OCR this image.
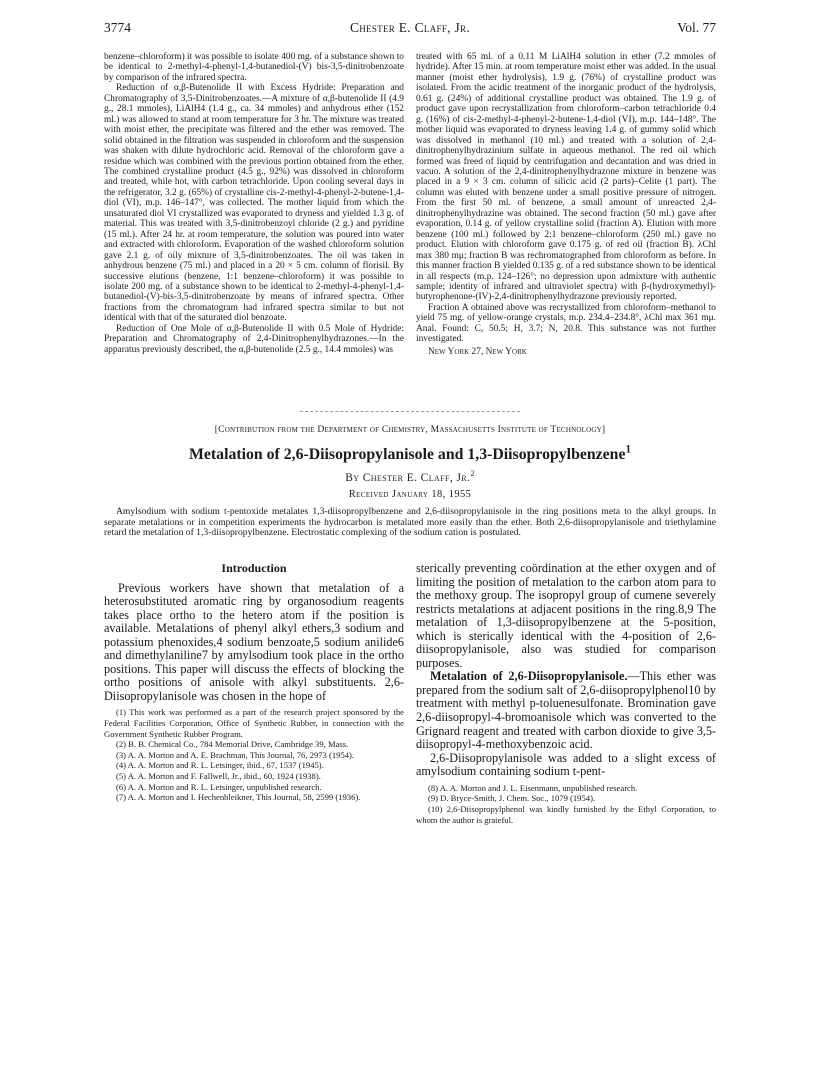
3774	Chester E. Claff, Jr.	Vol. 77

benzene–chloroform) it was possible to isolate 400 mg. of a substance shown to be identical to 2-methyl-4-phenyl-1,4-butanediol-(V) bis-3,5-dinitrobenzoate by comparison of the infrared spectra.

Reduction of α,β-Butenolide II with Excess Hydride: Preparation and Chromatography of 3,5-Dinitrobenzoates.—A mixture of α,β-butenolide II (4.9 g., 28.1 mmoles), LiAlH4 (1.4 g., ca. 34 mmoles) and anhydrous ether (152 ml.) was allowed to stand at room temperature for 3 hr. The mixture was treated with moist ether, the precipitate was filtered and the ether was removed. The solid obtained in the filtration was suspended in chloroform and the suspension was shaken with dilute hydrochloric acid. Removal of the chloroform gave a residue which was combined with the previous portion obtained from the ether. The combined crystalline product (4.5 g., 92%) was dissolved in chloroform and treated, while hot, with carbon tetrachloride. Upon cooling several days in the refrigerator, 3.2 g. (65%) of crystalline cis-2-methyl-4-phenyl-2-butene-1,4-diol (VI), m.p. 146–147°, was collected. The mother liquid from which the unsaturated diol VI crystallized was evaporated to dryness and yielded 1.3 g. of material. This was treated with 3,5-dinitrobenzoyl chloride (2 g.) and pyridine (15 ml.). After 24 hr. at room temperature, the solution was poured into water and extracted with chloroform. Evaporation of the washed chloroform solution gave 2.1 g. of oily mixture of 3,5-dinitrobenzoates. The oil was taken in anhydrous benzene (75 ml.) and placed in a 20 × 5 cm. column of florisil. By successive elutions (benzene, 1:1 benzene–chloroform) it was possible to isolate 200 mg. of a substance shown to be identical to 2-methyl-4-phenyl-1,4-butanediol-(V)-bis-3,5-dinitrobenzoate by means of infrared spectra. Other fractions from the chromatogram had infrared spectra similar to but not identical with that of the saturated diol benzoate.

Reduction of One Mole of α,β-Butenolide II with 0.5 Mole of Hydride: Preparation and Chromatography of 2,4-Dinitrophenylhydrazones.—In the apparatus previously described, the α,β-butenolide (2.5 g., 14.4 mmoles) was

treated with 65 ml. of a 0.11 M LiAlH4 solution in ether (7.2 mmoles of hydride). After 15 min. at room temperature moist ether was added. In the usual manner (moist ether hydrolysis), 1.9 g. (76%) of crystalline product was isolated. From the acidic treatment of the inorganic product of the hydrolysis, 0.61 g. (24%) of additional crystalline product was obtained. The 1.9 g. of product gave upon recrystallization from chloroform–carbon tetrachloride 0.4 g. (16%) of cis-2-methyl-4-phenyl-2-butene-1,4-diol (VI), m.p. 144–148°. The mother liquid was evaporated to dryness leaving 1.4 g. of gummy solid which was dissolved in methanol (10 ml.) and treated with a solution of 2,4-dinitrophenylhydrazinium sulfate in aqueous methanol. The red oil which formed was freed of liquid by centrifugation and decantation and was dried in vacuo. A solution of the 2,4-dinitrophenylhydrazone mixture in benzene was placed in a 9 × 3 cm. column of silicic acid (2 parts)–Celite (1 part). The column was eluted with benzene under a small positive pressure of nitrogen. From the first 50 ml. of benzene, a small amount of unreacted 2,4-dinitrophenylhydrazine was obtained. The second fraction (50 ml.) gave after evaporation, 0.14 g. of yellow crystalline solid (fraction A). Elution with more benzene (100 ml.) followed by 2:1 benzene–chloroform (250 ml.) gave no product. Elution with chloroform gave 0.175 g. of red oil (fraction B). λChl max 380 mμ; fraction B was rechromatographed from chloroform as before. In this manner fraction B yielded 0.135 g. of a red substance shown to be identical in all respects (m.p. 124–126°; no depression upon admixture with authentic sample; identity of infrared and ultraviolet spectra) with β-(hydroxymethyl)-butyrophenone-(IV)-2,4-dinitrophenylhydrazone previously reported.

Fraction A obtained above was recrystallized from chloroform–methanol to yield 75 mg. of yellow-orange crystals, m.p. 234.4–234.8°, λChl max 361 mμ. Anal. Found: C, 50.5; H, 3.7; N, 20.8. This substance was not further investigated.

New York 27, New York

[Contribution from the Department of Chemistry, Massachusetts Institute of Technology]
Metalation of 2,6-Diisopropylanisole and 1,3-Diisopropylbenzene$^1$
By Chester E. Claff, Jr.$^2$
Received January 18, 1955
Amylsodium with sodium t-pentoxide metalates 1,3-diisopropylbenzene and 2,6-diisopropylanisole in the ring positions meta to the alkyl groups. In separate metalations or in competition experiments the hydrocarbon is metalated more easily than the ether. Both 2,6-diisopropylanisole and triethylamine retard the metalation of 1,3-diisopropylbenzene. Electrostatic complexing of the sodium cation is postulated.
Introduction

Previous workers have shown that metalation of a heterosubstituted aromatic ring by organosodium reagents takes place ortho to the hetero atom if the position is available. Metalations of phenyl alkyl ethers,3 sodium and potassium phenoxides,4 sodium benzoate,5 sodium anilide6 and dimethylaniline7 by amylsodium took place in the ortho positions. This paper will discuss the effects of blocking the ortho positions of anisole with alkyl substituents. 2,6-Diisopropylanisole was chosen in the hope of

(1) This work was performed as a part of the research project sponsored by the Federal Facilities Corporation, Office of Synthetic Rubber, in connection with the Government Synthetic Rubber Program.

(2) B. B. Chemical Co., 784 Memorial Drive, Cambridge 39, Mass.

(3) A. A. Morton and A. E. Brachman, This Journal, 76, 2973 (1954).

(4) A. A. Morton and R. L. Letsinger, ibid., 67, 1537 (1945).

(5) A. A. Morton and F. Fallwell, Jr., ibid., 60, 1924 (1938).

(6) A. A. Morton and R. L. Letsinger, unpublished research.

(7) A. A. Morton and I. Hechenbleikner, This Journal, 58, 2599 (1936).

sterically preventing coördination at the ether oxygen and of limiting the position of metalation to the carbon atom para to the methoxy group. The isopropyl group of cumene severely restricts metalations at adjacent positions in the ring.8,9 The metalation of 1,3-diisopropylbenzene at the 5-position, which is sterically identical with the 4-position of 2,6-diisopropylanisole, also was studied for comparison purposes.

Metalation of 2,6-Diisopropylanisole.—This ether was prepared from the sodium salt of 2,6-diisopropylphenol10 by treatment with methyl p-toluenesulfonate. Bromination gave 2,6-diisopropyl-4-bromoanisole which was converted to the Grignard reagent and treated with carbon dioxide to give 3,5-diisopropyl-4-methoxybenzoic acid.

2,6-Diisopropylanisole was added to a slight excess of amylsodium containing sodium t-pent-

(8) A. A. Morton and J. L. Eisenmann, unpublished research.

(9) D. Bryce-Smith, J. Chem. Soc., 1079 (1954).

(10) 2,6-Diisopropylphenol was kindly furnished by the Ethyl Corporation, to whom the author is grateful.
